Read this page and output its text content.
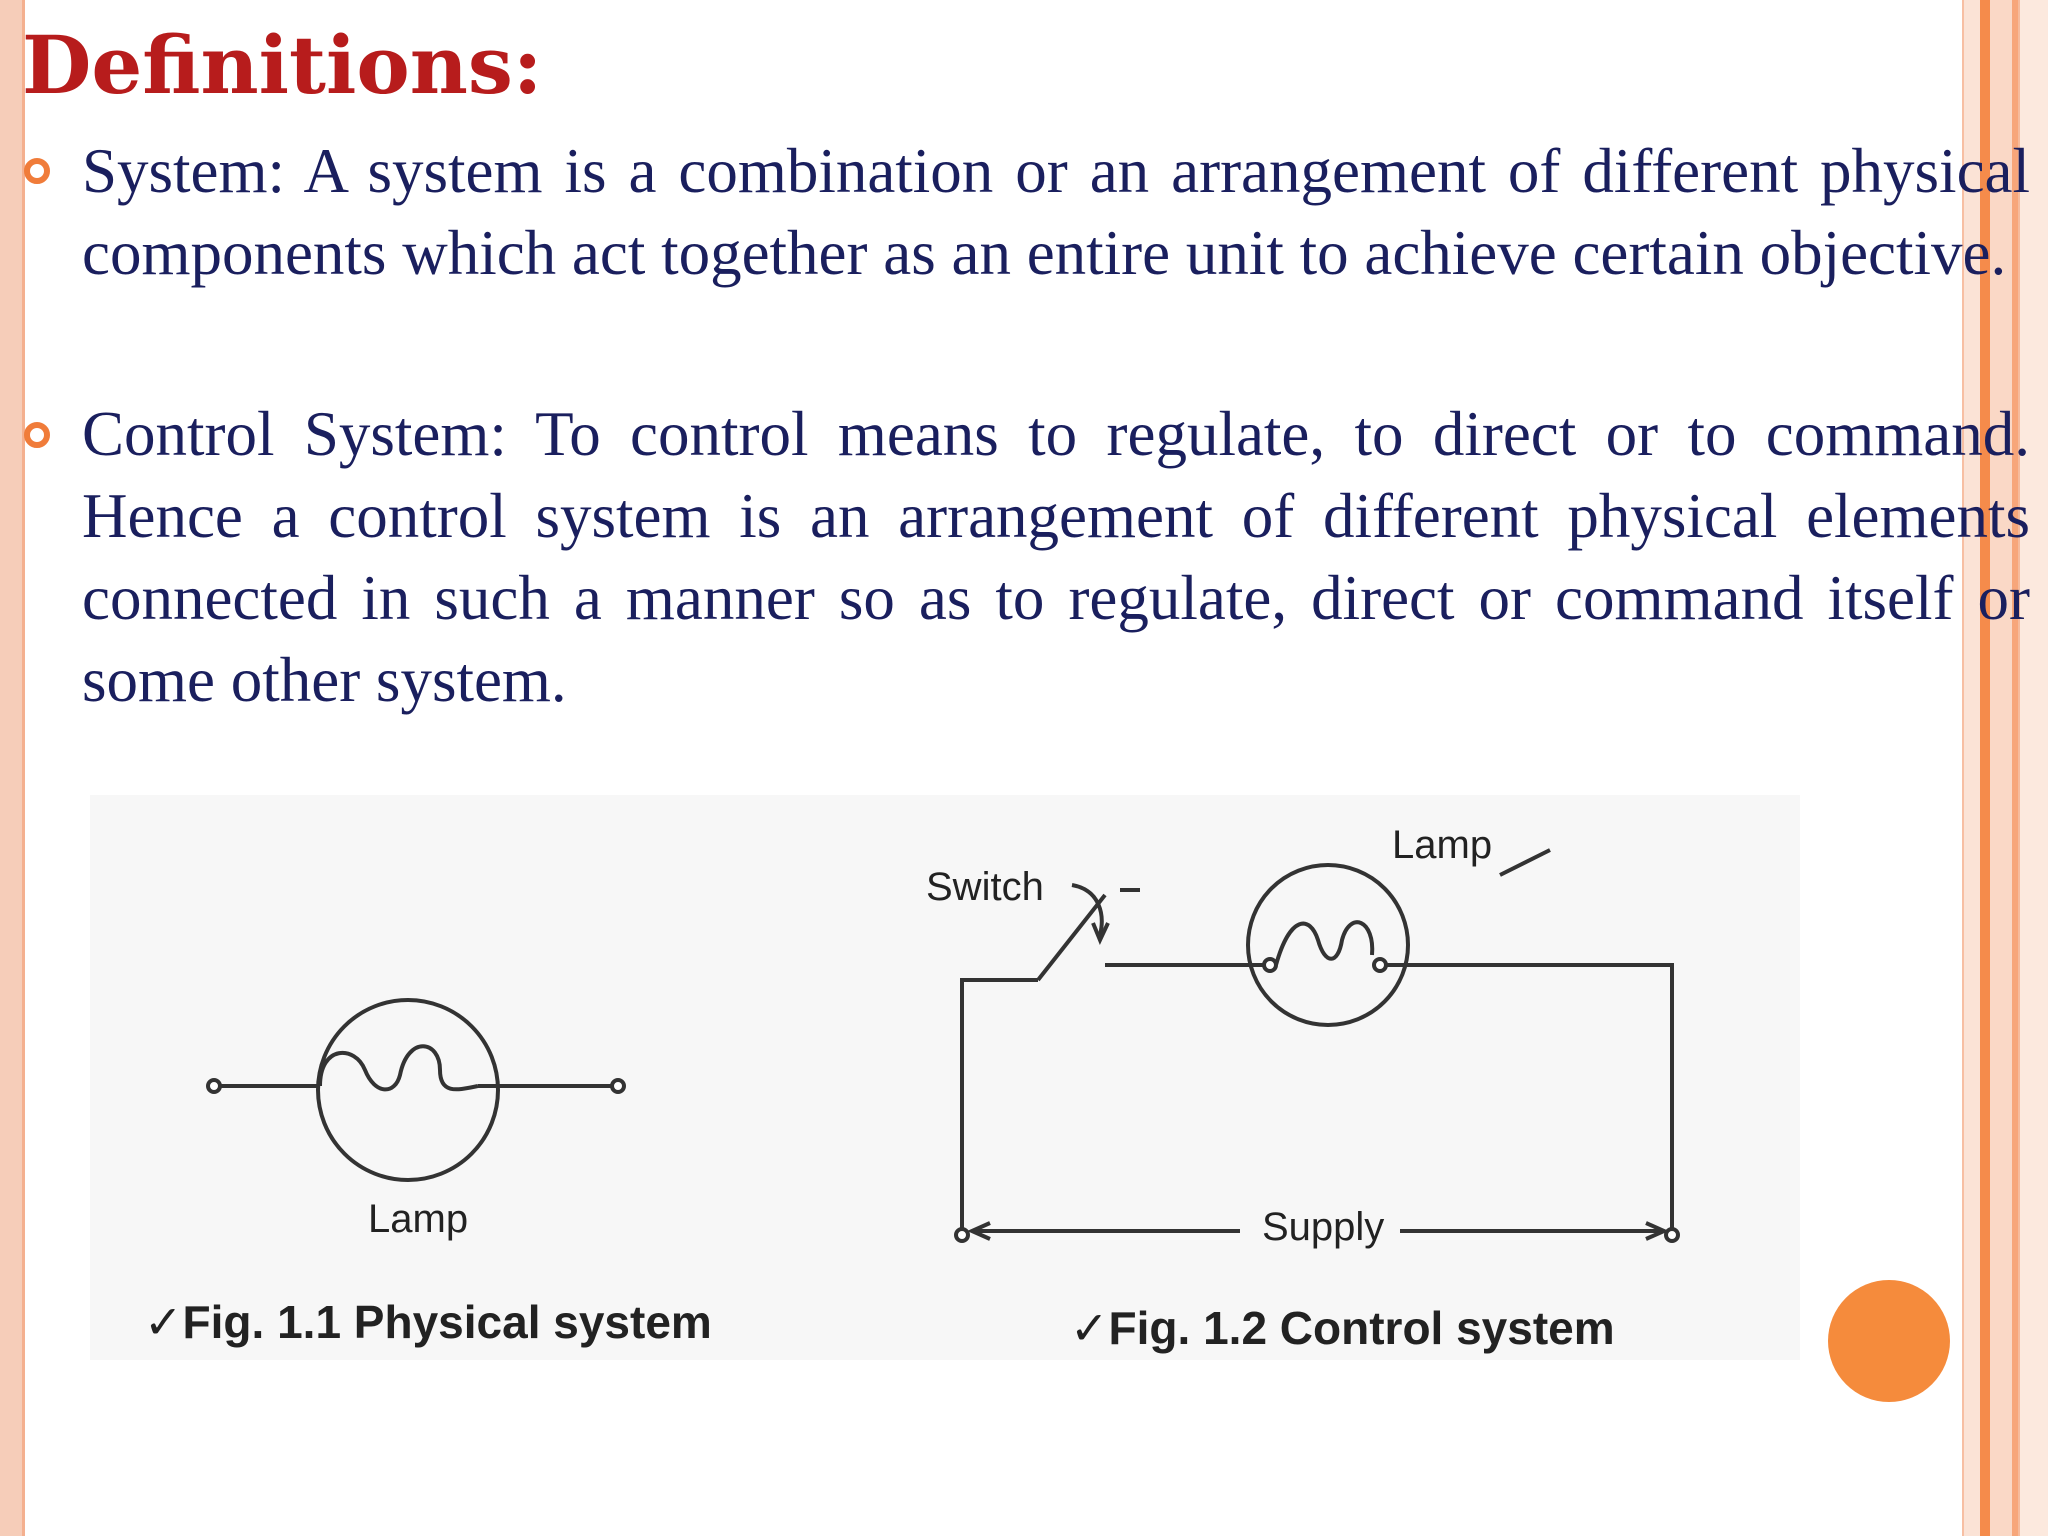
Definitions:
System: A system is a combination or an arrangement of different physical components which act together as an entire unit to achieve certain objective.
Control System: To control means to regulate, to direct or to command. Hence a control system is an arrangement of different physical elements connected in such a manner so as to regulate, direct or command itself or some other system.
Lamp
Switch
Lamp
Supply
✓Fig. 1.1 Physical system	✓Fig. 1.2 Control system
